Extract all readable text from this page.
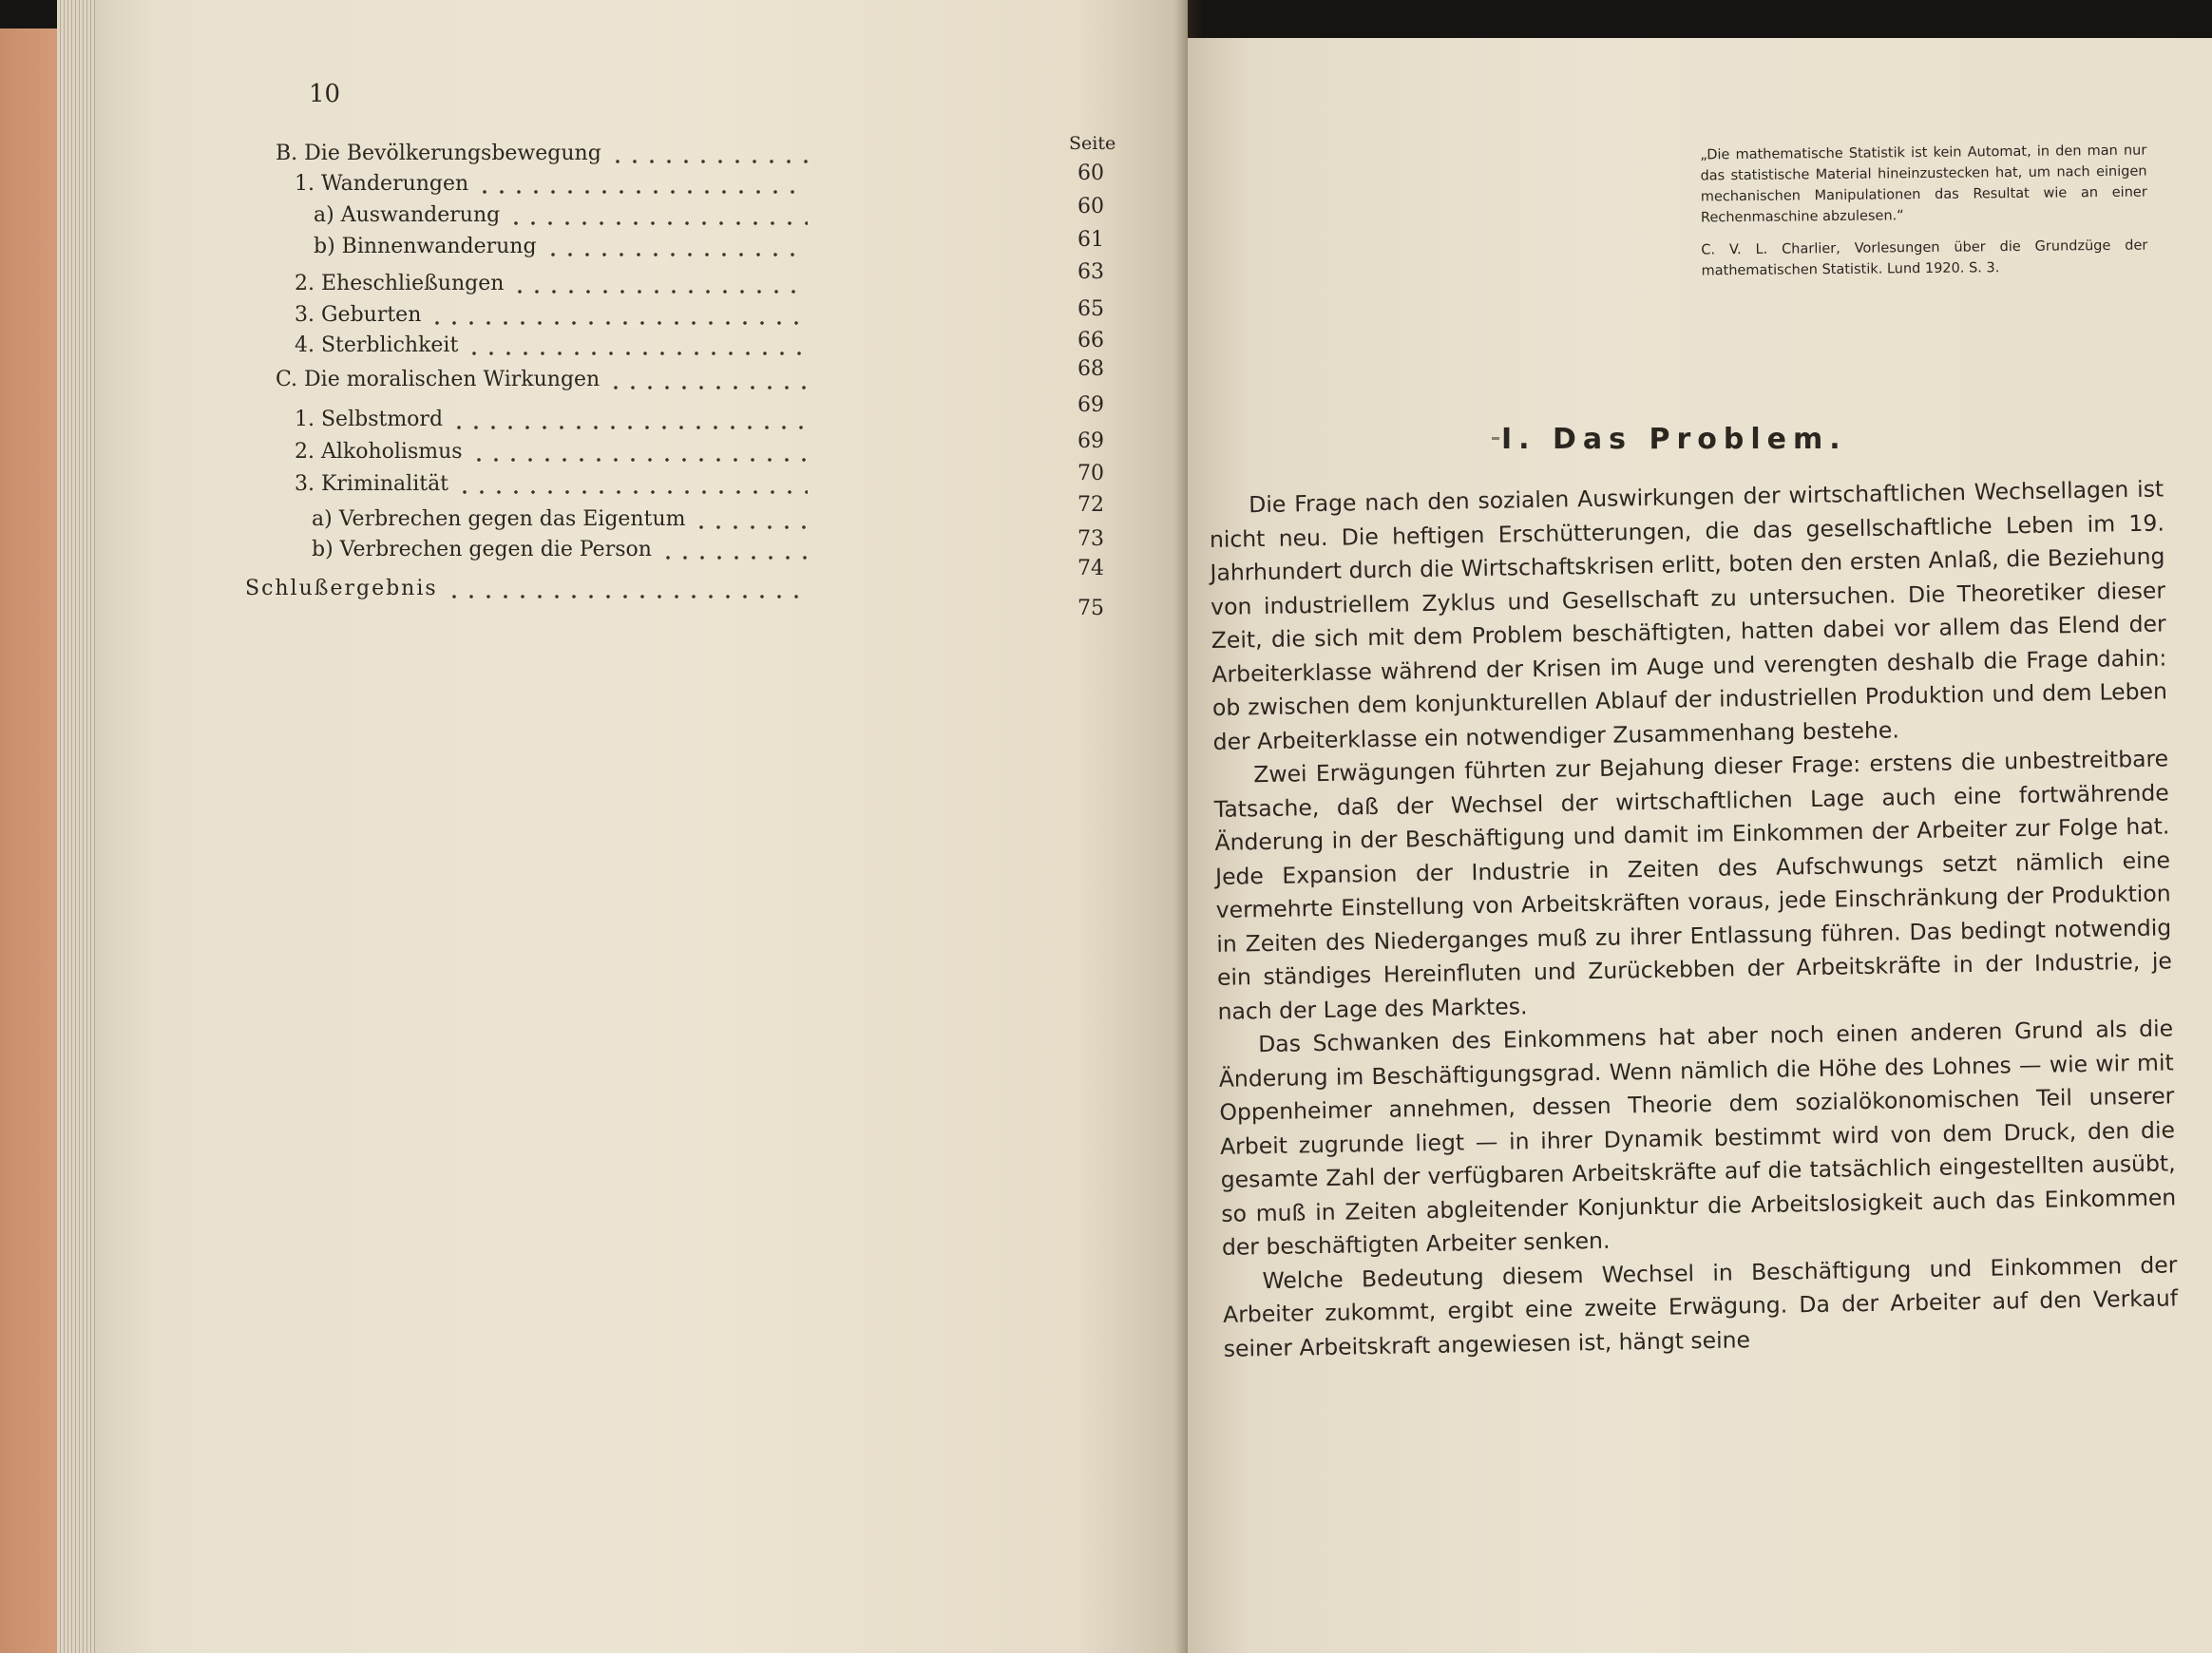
10
Seite
B. Die Bevölkerungsbewegung
1. Wanderungen
a) Auswanderung
b) Binnenwanderung
2. Eheschließungen
3. Geburten
4. Sterblichkeit
C. Die moralischen Wirkungen
1. Selbstmord
2. Alkoholismus
3. Kriminalität
a) Verbrechen gegen das Eigentum
b) Verbrechen gegen die Person
Schlußergebnis
60
60
61
63
65
66
68
69
69
70
72
73
74
75

„Die mathematische Statistik ist kein Automat, in den man nur das statistische Material hineinzustecken hat, um nach einigen mechanischen Manipulationen das Resultat wie an einer Rechenmaschine abzulesen.“

C. V. L. Charlier, Vorlesungen über die Grundzüge der mathematischen Statistik. Lund 1920. S. 3.

I. Das Problem.

Die Frage nach den sozialen Auswirkungen der wirtschaftlichen Wechsellagen ist nicht neu. Die heftigen Erschütterungen, die das gesellschaftliche Leben im 19. Jahrhundert durch die Wirtschaftskrisen erlitt, boten den ersten Anlaß, die Beziehung von industriellem Zyklus und Gesellschaft zu untersuchen. Die Theoretiker dieser Zeit, die sich mit dem Problem beschäftigten, hatten dabei vor allem das Elend der Arbeiterklasse während der Krisen im Auge und verengten deshalb die Frage dahin: ob zwischen dem konjunkturellen Ablauf der industriellen Produktion und dem Leben der Arbeiterklasse ein notwendiger Zusammenhang bestehe.

Zwei Erwägungen führten zur Bejahung dieser Frage: erstens die unbestreitbare Tatsache, daß der Wechsel der wirtschaftlichen Lage auch eine fortwährende Änderung in der Beschäftigung und damit im Einkommen der Arbeiter zur Folge hat. Jede Expansion der Industrie in Zeiten des Aufschwungs setzt nämlich eine vermehrte Einstellung von Arbeitskräften voraus, jede Einschränkung der Produktion in Zeiten des Niederganges muß zu ihrer Entlassung führen. Das bedingt notwendig ein ständiges Hereinfluten und Zurückebben der Arbeitskräfte in der Industrie, je nach der Lage des Marktes.

Das Schwanken des Einkommens hat aber noch einen anderen Grund als die Änderung im Beschäftigungsgrad. Wenn nämlich die Höhe des Lohnes — wie wir mit Oppenheimer annehmen, dessen Theorie dem sozialökonomischen Teil unserer Arbeit zugrunde liegt — in ihrer Dynamik bestimmt wird von dem Druck, den die gesamte Zahl der verfügbaren Arbeitskräfte auf die tatsächlich eingestellten ausübt, so muß in Zeiten abgleitender Konjunktur die Arbeitslosigkeit auch das Einkommen der beschäftigten Arbeiter senken.

Welche Bedeutung diesem Wechsel in Beschäftigung und Einkommen der Arbeiter zukommt, ergibt eine zweite Erwägung. Da der Arbeiter auf den Verkauf seiner Arbeitskraft angewiesen ist, hängt seine
